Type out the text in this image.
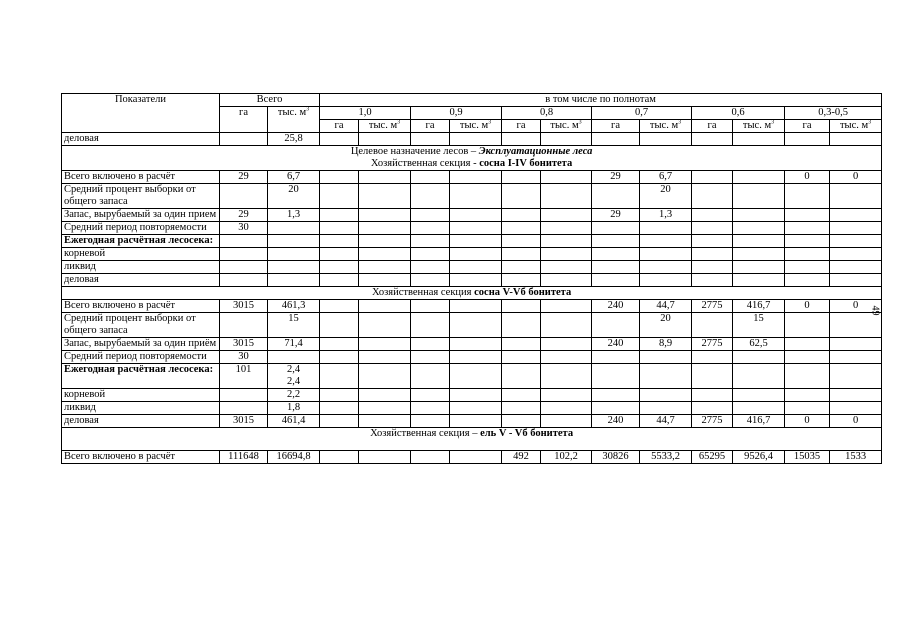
Показатели	Всего		в том числе по полнотам											
	га	тыс. $м^3$	1,0		0,9		0,8		0,7		0,6		0,3-0,5	
			га	тыс. $м^3$	га	тыс. $м^3$	га	тыс. $м^3$	га	тыс. $м^3$	га	тыс. $м^3$	га	тыс. $м^3$
деловая		25,8												

Целевое назначение лесов – Эксплуатационные леса
Хозяйственная секция - сосна I-IV бонитета														

Всего включено в расчёт	29	6,7							29	6,7			0	0
Средний процент выборки от общего запаса		20								20				
Запас, вырубаемый за один прием	29	1,3							29	1,3				
Средний период повторяемости	30													
Ежегодная расчётная лесосека:														
корневой														
ликвид														
деловая														
Хозяйственная секция сосна V-Vб бонитета														
Всего включено в расчёт	3015	461,3							240	44,7	2775	416,7	0	0
Средний процент выборки от общего запаса		15								20		15		
Запас, вырубаемый за один приём	3015	71,4							240	8,9	2775	62,5		
Средний период повторяемости	30													
Ежегодная расчётная лесосека:	101	2,4
2,4												
корневой		2,2												
ликвид		1,8												
деловая	3015	461,4							240	44,7	2775	416,7	0	0
Хозяйственная секция – ель V - Vб бонитета														
Всего включено в расчёт	111648	16694,8					492	102,2	30826	5533,2	65295	9526,4	15035	1533
49
